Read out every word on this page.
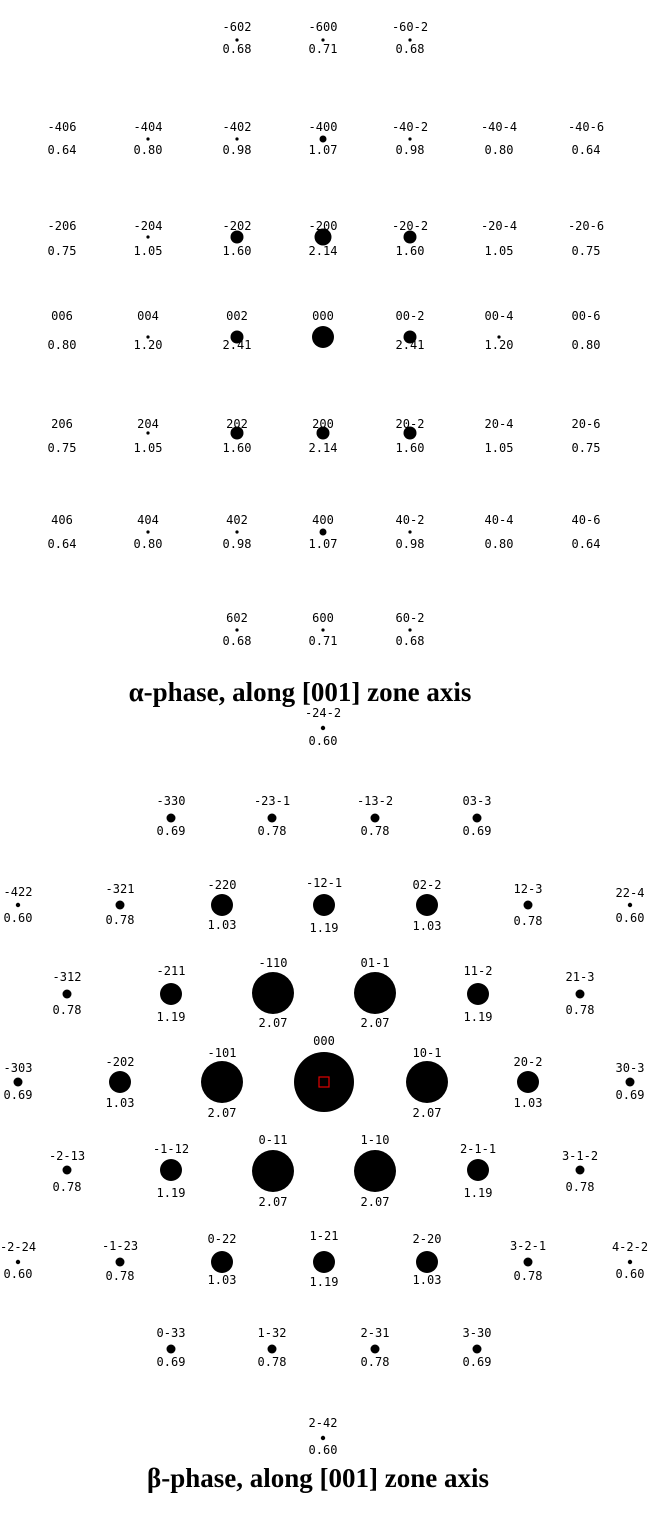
-602
0.68
-600
0.71
-60-2
0.68
-406
0.64
-404
0.80
-402
0.98
-400
1.07
-40-2
0.98
-40-4
0.80
-40-6
0.64
-206
0.75
-204
1.05
-202
1.60
-200
2.14
-20-2
1.60
-20-4
1.05
-20-6
0.75
006
0.80
004
1.20
002
2.41
000	00-2
2.41
00-4
1.20
00-6
0.80
206
0.75
204
1.05
202
1.60
200
2.14
20-2
1.60
20-4
1.05
20-6
0.75
406
0.64
404
0.80
402
0.98
400
1.07
40-2
0.98
40-4
0.80
40-6
0.64
602
0.68
600
0.71
60-2
0.68
α-phase, along [001] zone axis
-24-2
0.60
-330
0.69
-23-1
0.78
-13-2
0.78
03-3
0.69
-422
0.60
-321
0.78
-220
1.03
-12-1
1.19
02-2
1.03
12-3
0.78
22-4
0.60
-312
0.78
-211
1.19
-110
2.07
01-1
2.07
11-2
1.19
21-3
0.78
-303
0.69
-202
1.03
-101
2.07
000
10-1
2.07
20-2
1.03
30-3
0.69
-2-13
0.78
-1-12
1.19
0-11
2.07
1-10
2.07
2-1-1
1.19
3-1-2
0.78
-2-24
0.60
-1-23
0.78
0-22
1.03
1-21
1.19
2-20
1.03
3-2-1
0.78
4-2-2
0.60
0-33
0.69
1-32
0.78
2-31
0.78
3-30
0.69
2-42
0.60
β-phase, along [001] zone axis
